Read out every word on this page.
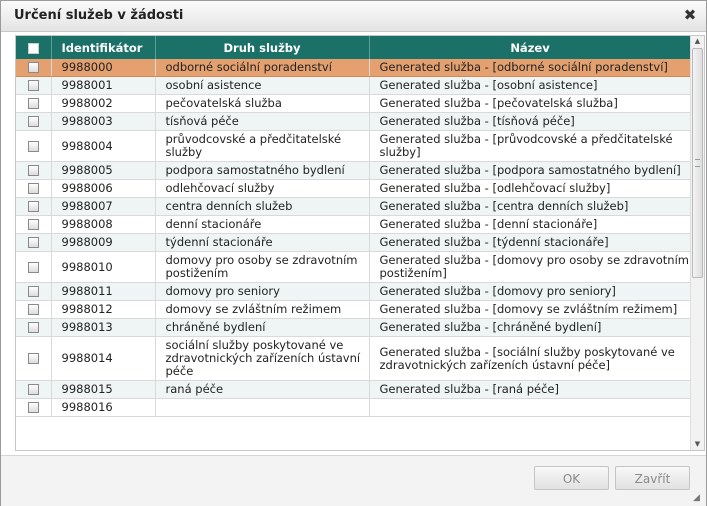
Určení služeb v žádosti	✖
	Identifikátor	Druh služby	Název
	9988000	odborné sociální poradenství	Generated služba - [odborné sociální poradenství]
	9988001	osobní asistence	Generated služba - [osobní asistence]
	9988002	pečovatelská služba	Generated služba - [pečovatelská služba]
	9988003	tísňová péče	Generated služba - [tísňová péče]
	9988004	průvodcovské a předčitatelské služby	Generated služba - [průvodcovské a předčitatelské služby]
	9988005	podpora samostatného bydlení	Generated služba - [podpora samostatného bydlení]
	9988006	odlehčovací služby	Generated služba - [odlehčovací služby]
	9988007	centra denních služeb	Generated služba - [centra denních služeb]
	9988008	denní stacionáře	Generated služba - [denní stacionáře]
	9988009	týdenní stacionáře	Generated služba - [týdenní stacionáře]
	9988010	domovy pro osoby se zdravotním postižením	Generated služba - [domovy pro osoby se zdravotním postižením]
	9988011	domovy pro seniory	Generated služba - [domovy pro seniory]
	9988012	domovy se zvláštním režimem	Generated služba - [domovy se zvláštním režimem]
	9988013	chráněné bydlení	Generated služba - [chráněné bydlení]
	9988014	sociální služby poskytované ve zdravotnických zařízeních ústavní péče	Generated služba - [sociální služby poskytované ve zdravotnických zařízeních ústavní péče]
	9988015	raná péče	Generated služba - [raná péče]
	9988016		
▲
▼
OK	Zavřít
◢
